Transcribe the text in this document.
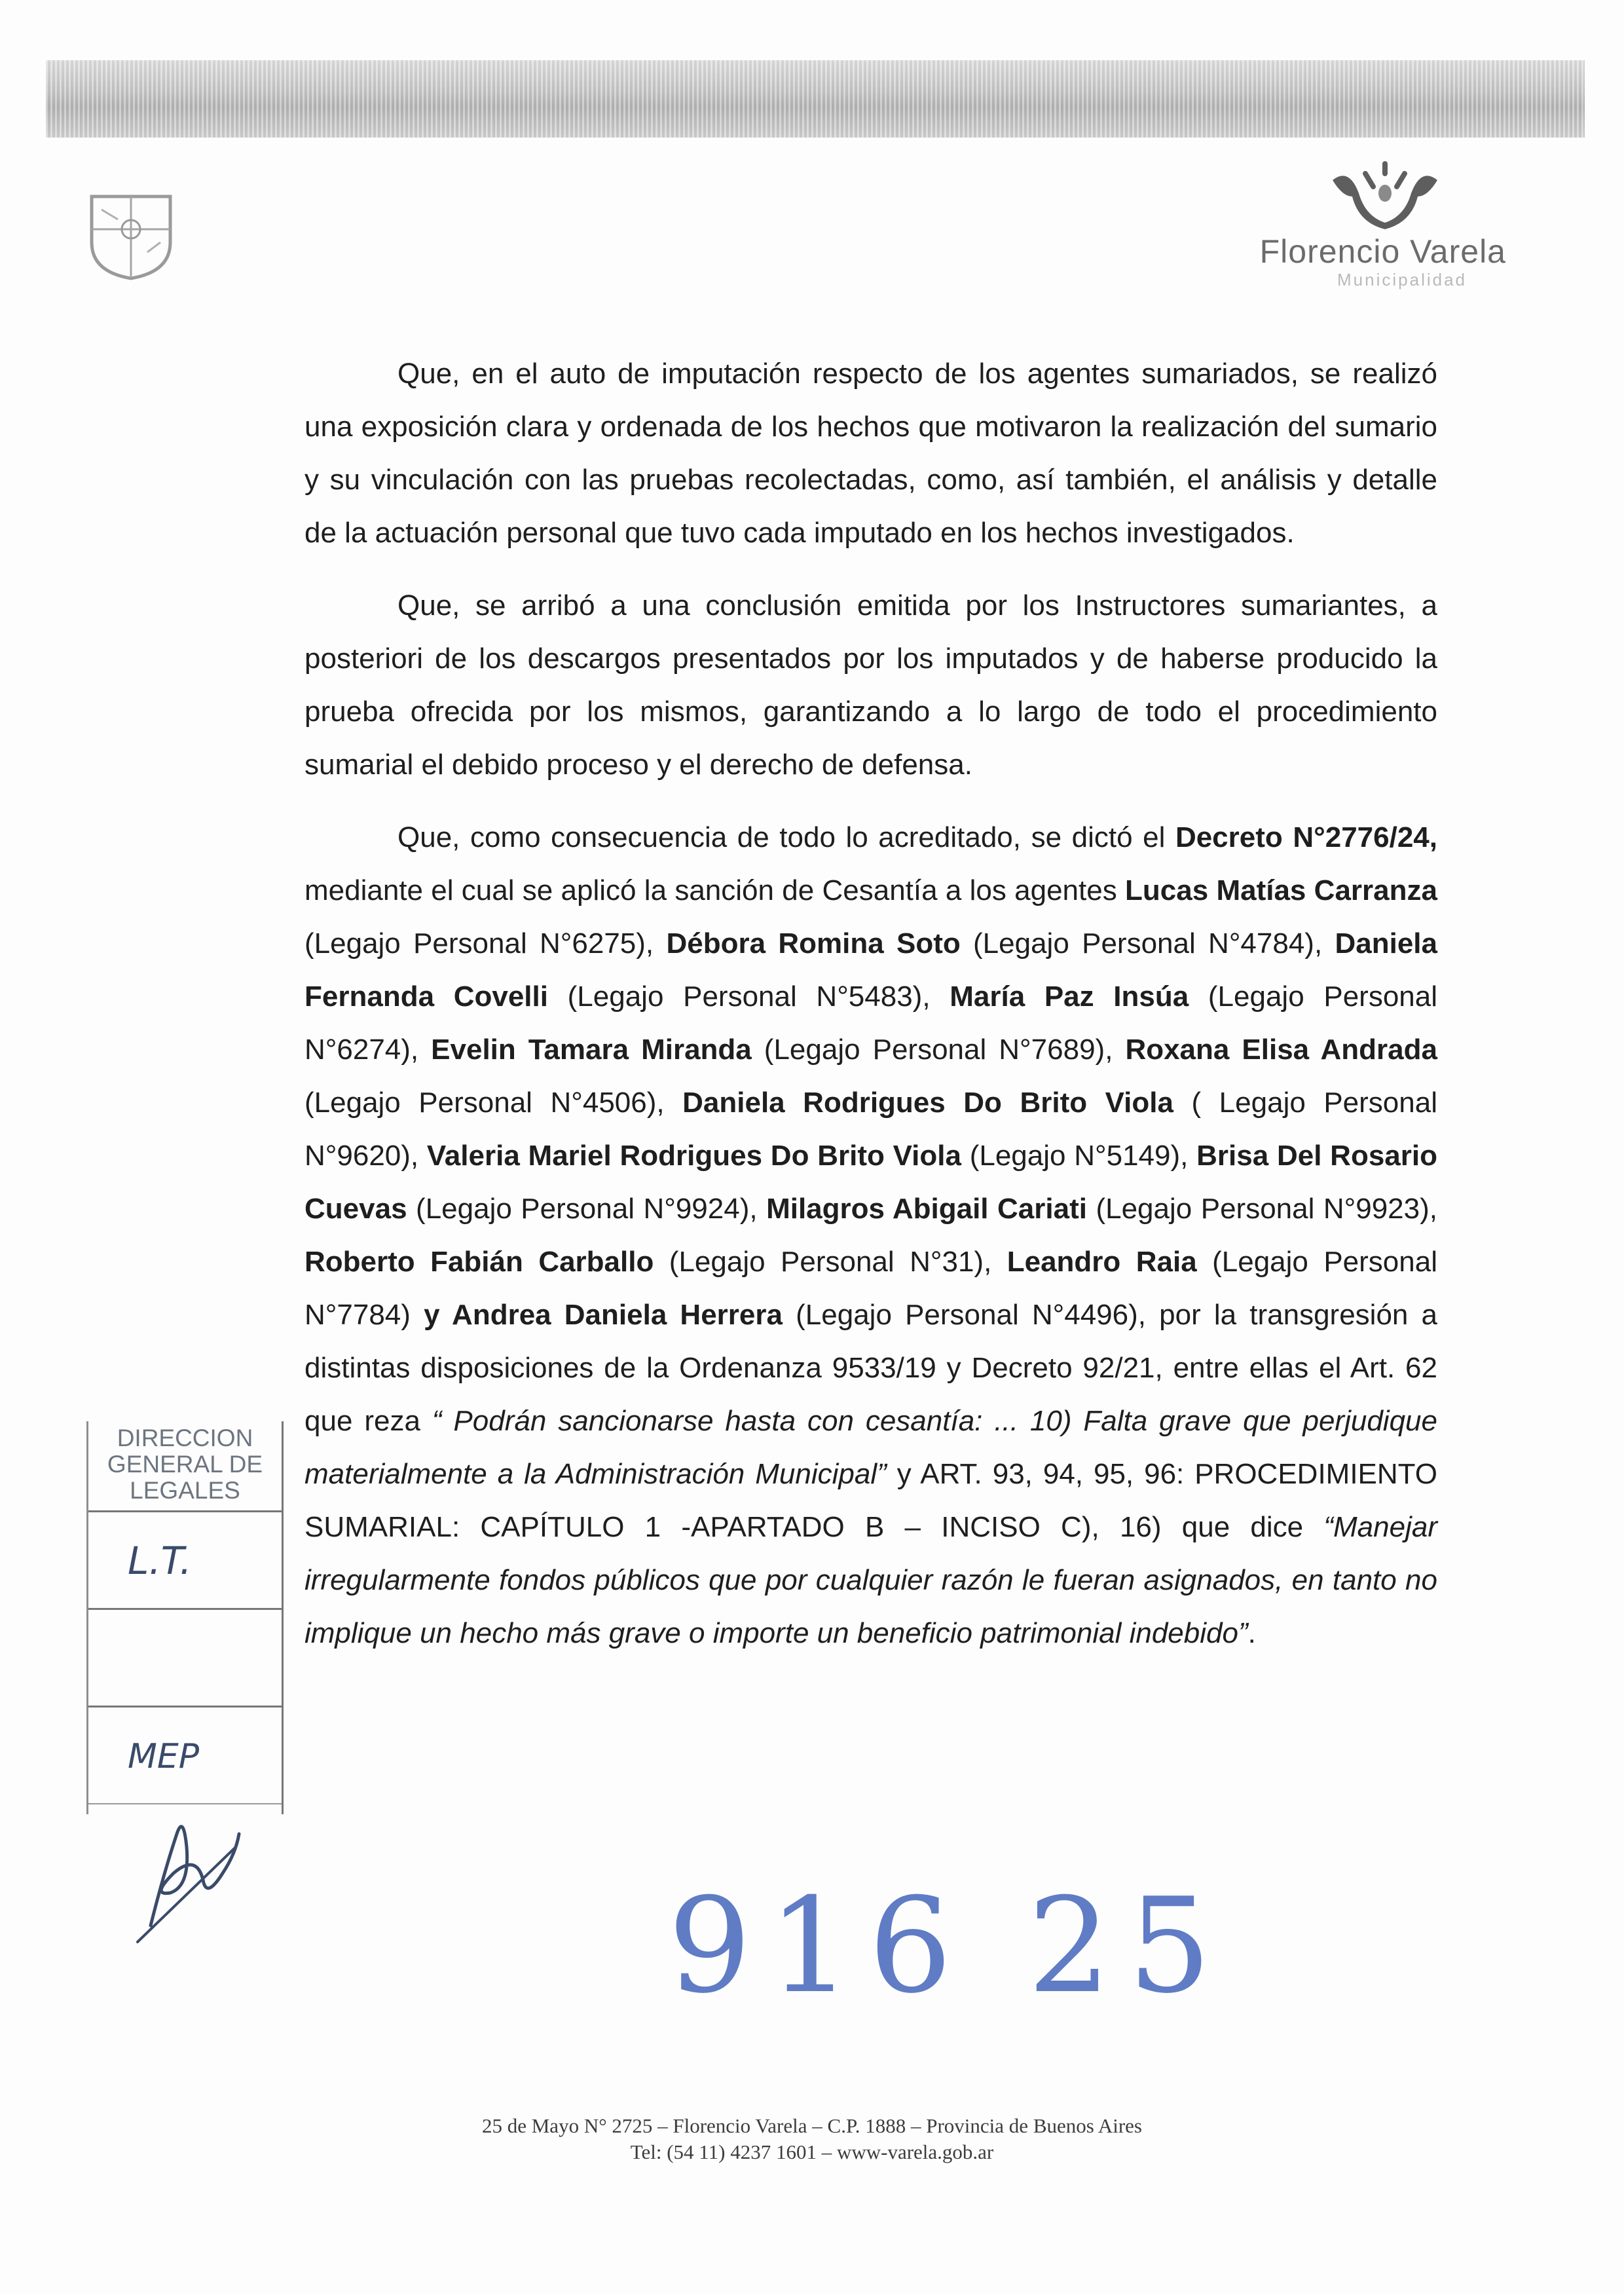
Florencio Varela
Municipalidad

Que, en el auto de imputación respecto de los agentes sumariados, se realizó una exposición clara y ordenada de los hechos que motivaron la realización del sumario y su vinculación con las pruebas recolectadas, como, así también, el análisis y detalle de la actuación personal que tuvo cada imputado en los hechos investigados.

Que, se arribó a una conclusión emitida por los Instructores sumariantes, a posteriori de los descargos presentados por los imputados y de haberse producido la prueba ofrecida por los mismos, garantizando a lo largo de todo el procedimiento sumarial el debido proceso y el derecho de defensa.

Que, como consecuencia de todo lo acreditado, se dictó el Decreto N°2776/24, mediante el cual se aplicó la sanción de Cesantía a los agentes Lucas Matías Carranza (Legajo Personal N°6275), Débora Romina Soto (Legajo Personal N°4784), Daniela Fernanda Covelli (Legajo Personal N°5483), María Paz Insúa (Legajo Personal N°6274), Evelin Tamara Miranda (Legajo Personal N°7689), Roxana Elisa Andrada (Legajo Personal N°4506), Daniela Rodrigues Do Brito Viola ( Legajo Personal N°9620), Valeria Mariel Rodrigues Do Brito Viola (Legajo N°5149), Brisa Del Rosario Cuevas (Legajo Personal N°9924), Milagros Abigail Cariati (Legajo Personal N°9923), Roberto Fabián Carballo (Legajo Personal N°31), Leandro Raia (Legajo Personal N°7784) y Andrea Daniela Herrera (Legajo Personal N°4496), por la transgresión a distintas disposiciones de la Ordenanza 9533/19 y Decreto 92/21, entre ellas el Art. 62 que reza “ Podrán sancionarse hasta con cesantía: ... 10) Falta grave que perjudique materialmente a la Administración Municipal” y ART. 93, 94, 95, 96: PROCEDIMIENTO SUMARIAL: CAPÍTULO 1 -APARTADO B – INCISO C), 16) que dice “Manejar irregularmente fondos públicos que por cualquier razón le fueran asignados, en tanto no implique un hecho más grave o importe un beneficio patrimonial indebido”.

DIRECCION
GENERAL DE
LEGALES
L.T.
MEP
916 25
25 de Mayo N° 2725 – Florencio Varela – C.P. 1888 – Provincia de Buenos Aires
Tel: (54 11) 4237 1601 – www-varela.gob.ar
